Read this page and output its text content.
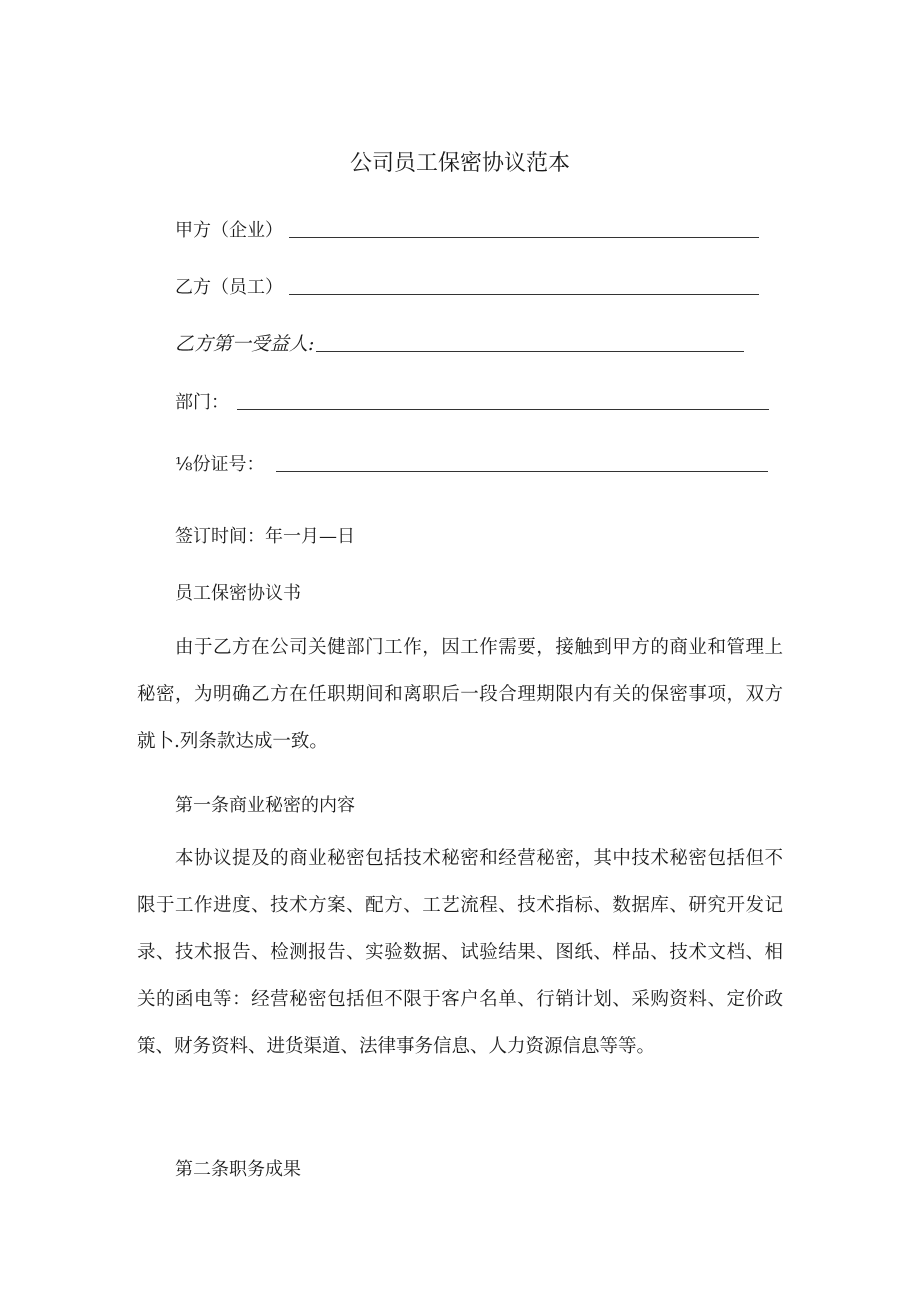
公司员工保密协议范本
甲方（企业）
乙方（员工）
乙方第一受益人:
部门：
⅛份证号：
签订时间：年一月—日
员工保密协议书
由于乙方在公司关健部门工作，因工作需要，接触到甲方的商业和管理上秘密，为明确乙方在任职期间和离职后一段合理期限内有关的保密事项，双方就卜.列条款达成一致。
第一条商业秘密的内容
本协议提及的商业秘密包括技术秘密和经营秘密，其中技术秘密包括但不限于工作进度、技术方案、配方、工艺流程、技术指标、数据库、研究开发记录、技术报告、检测报告、实验数据、试验结果、图纸、样品、技术文档、相关的函电等：经营秘密包括但不限于客户名单、行销计划、采购资料、定价政策、财务资料、进货渠道、法律事务信息、人力资源信息等等。
第二条职务成果
